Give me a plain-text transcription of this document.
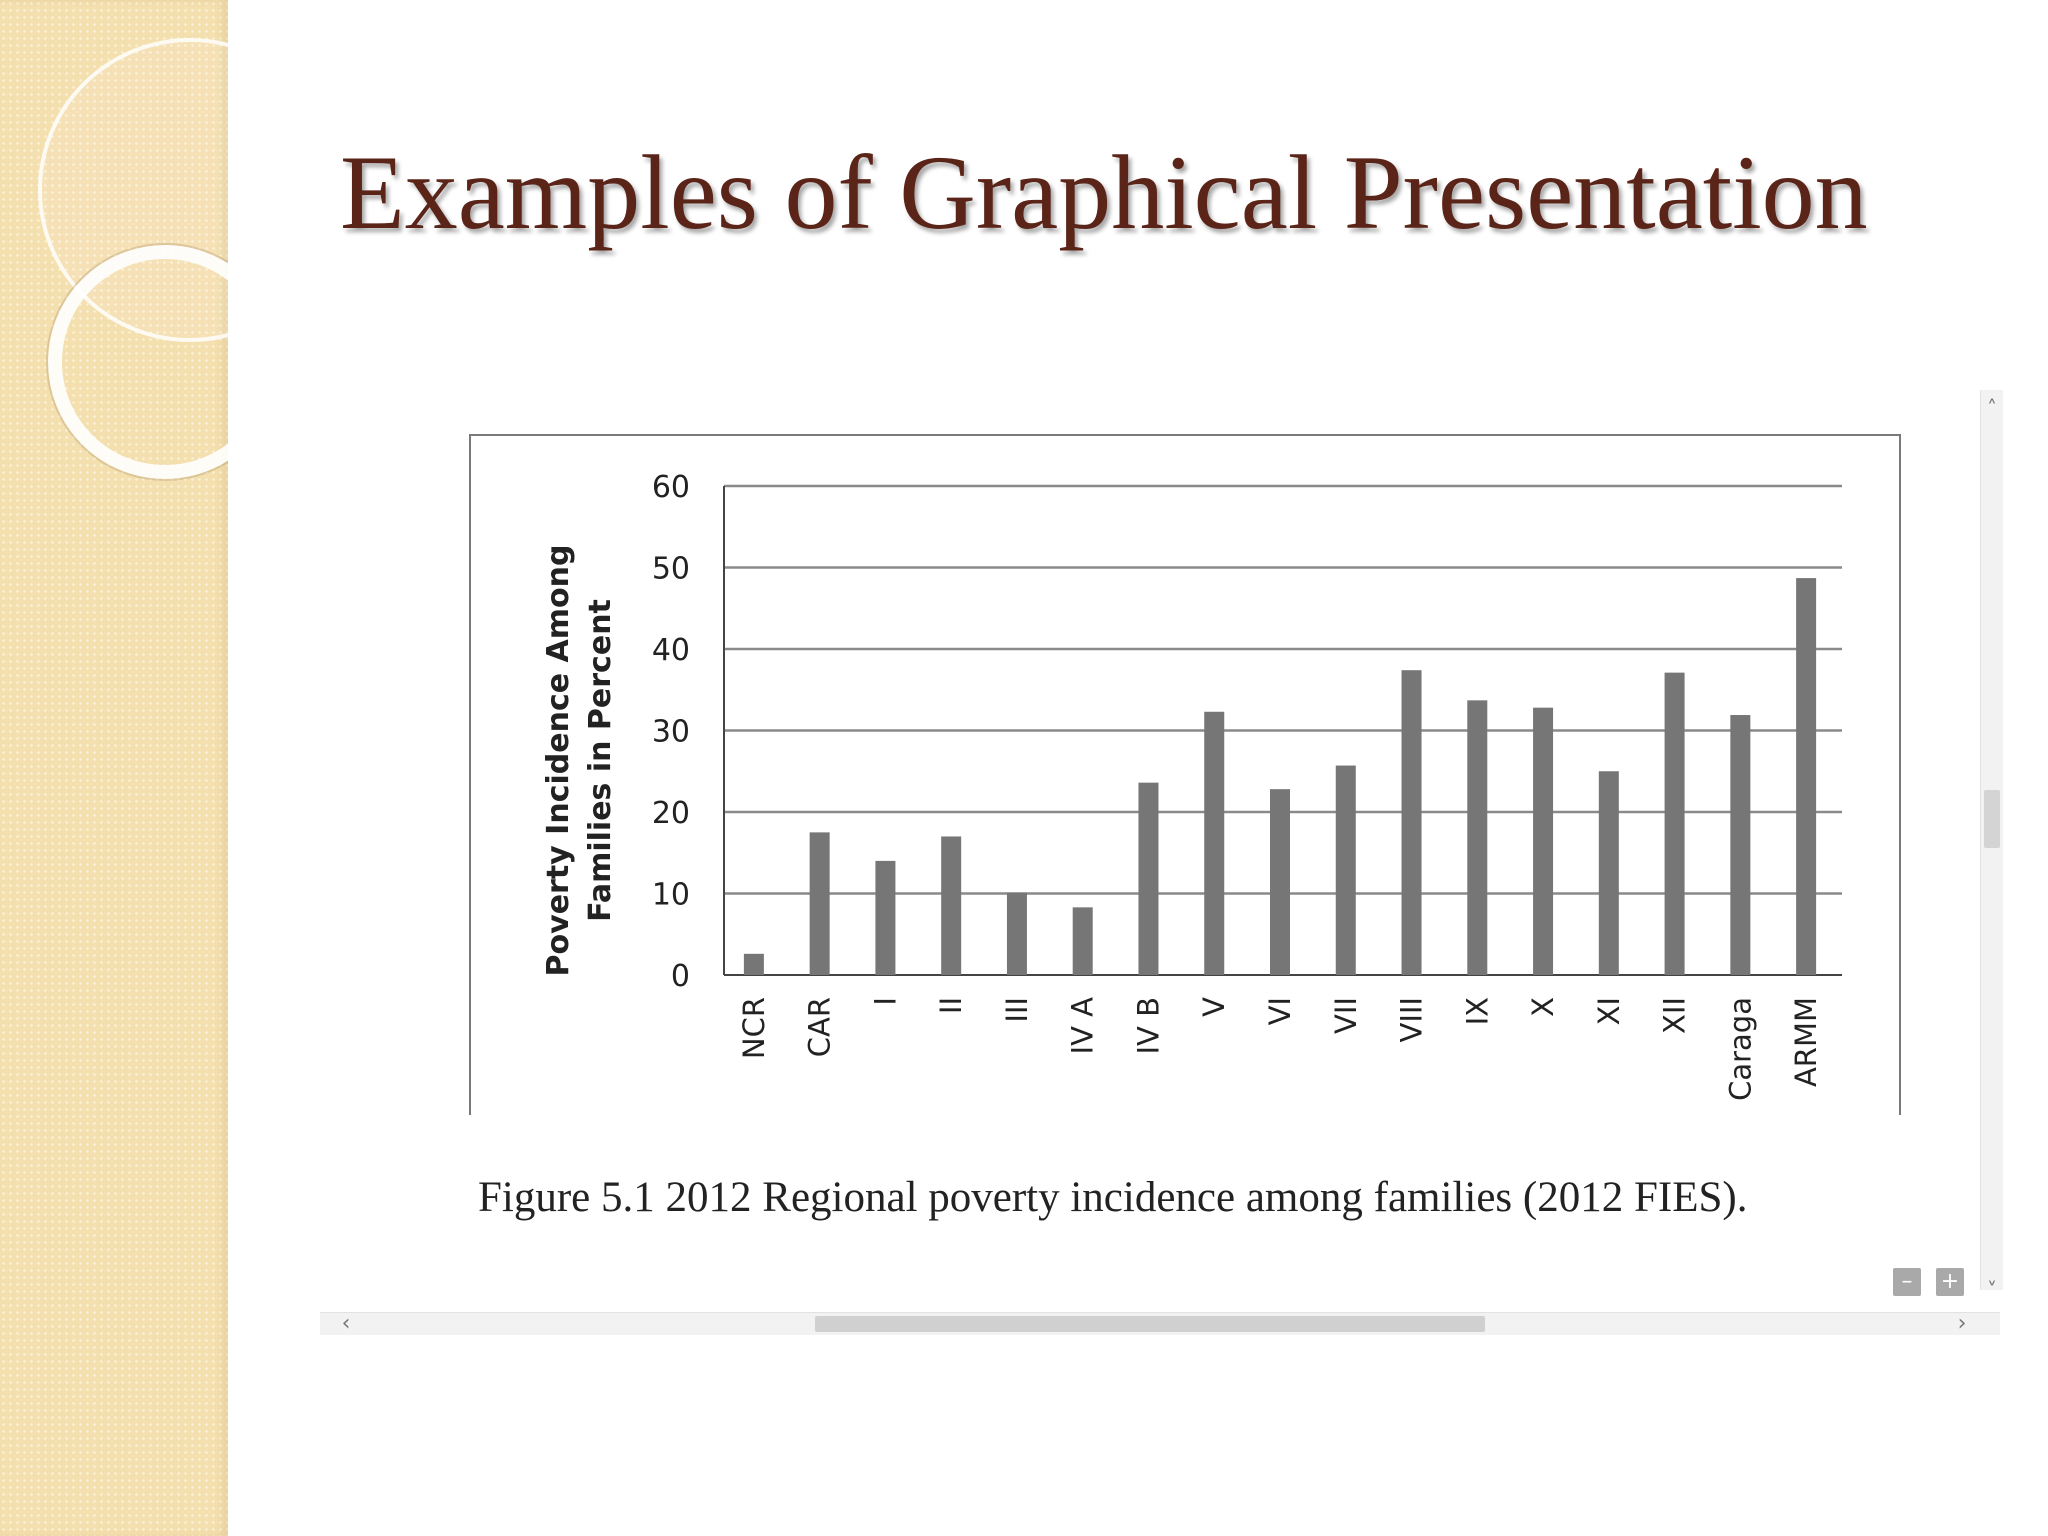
Examples of Graphical Presentation
0
10
20
30
40
50
60
NCR CAR I II III IV A IV B V VI VII VIII IX X XI XII Caraga ARMM
Poverty Incidence Among Families in Percent

Figure 5.1 2012 Regional poverty incidence among families (2012 FIES).

˄
˅
–	+
‹	›
